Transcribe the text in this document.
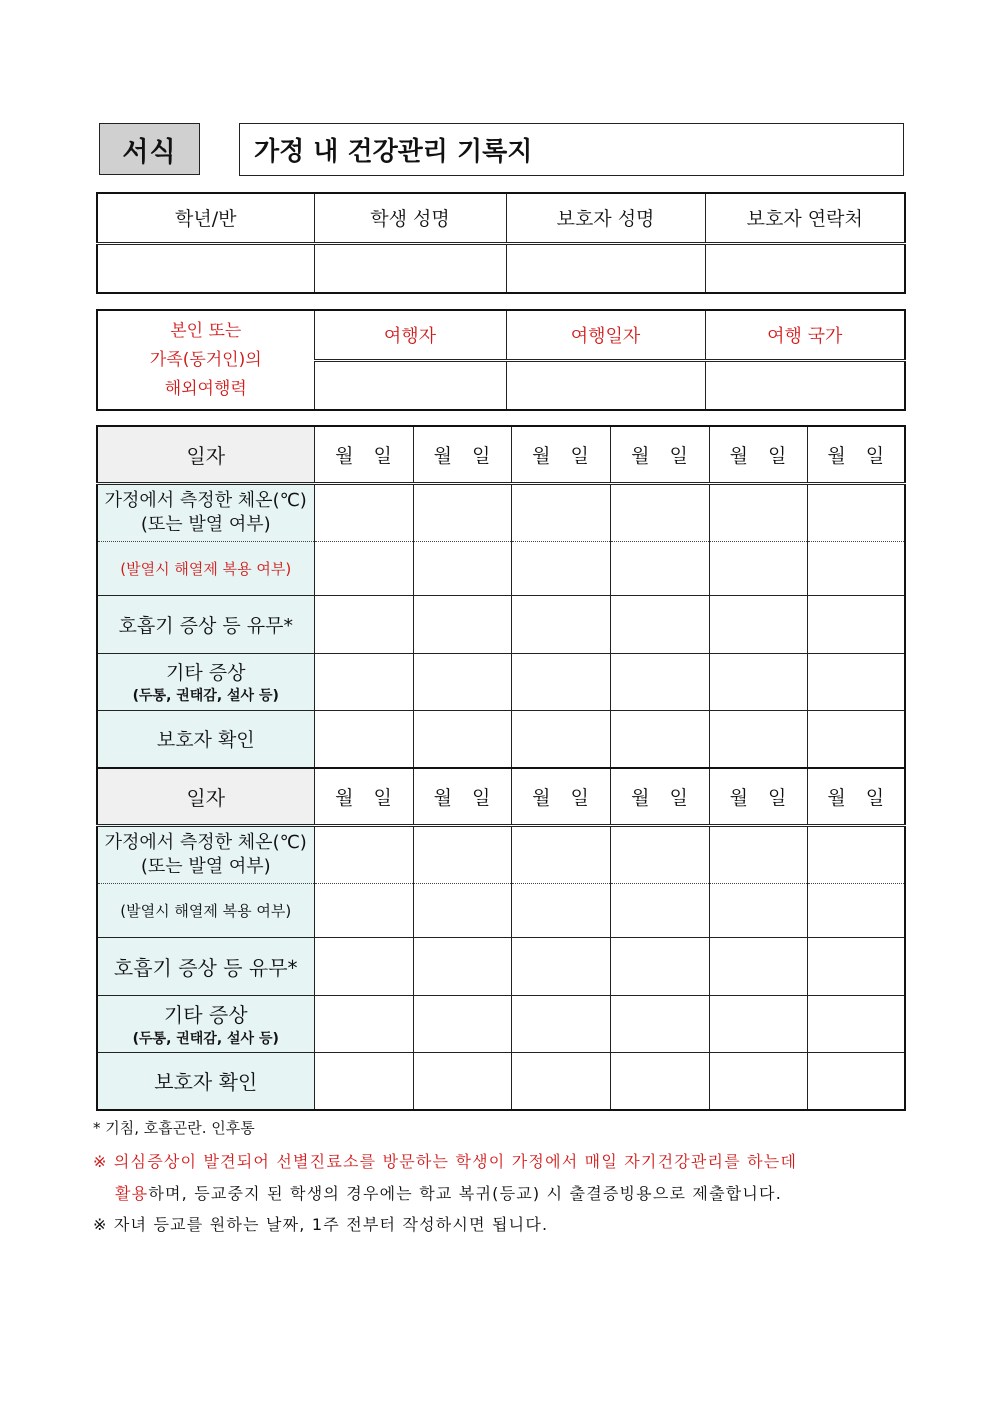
서식	가정 내 건강관리 기록지
학년/반	학생 성명	보호자 성명	보호자 연락처

본인 또는
가족(동거인)의
해외여행력	여행자	여행일자	여행 국가

일자	월 일	월 일	월 일	월 일	월 일	월 일

가정에서 측정한 체온(℃)
(또는 발열 여부)						

(발열시 해열제 복용 여부)						
호흡기 증상 등 유무*						

기타 증상
(두통, 권태감, 설사 등)						

보호자 확인						
일자	월 일	월 일	월 일	월 일	월 일	월 일

가정에서 측정한 체온(℃)
(또는 발열 여부)						

(발열시 해열제 복용 여부)						
호흡기 증상 등 유무*						

기타 증상
(두통, 권태감, 설사 등)						

보호자 확인						
* 기침, 호흡곤란. 인후통
※ 의심증상이 발견되어 선별진료소를 방문하는 학생이 가정에서 매일 자기건강관리를 하는데
활용하며, 등교중지 된 학생의 경우에는 학교 복귀(등교) 시 출결증빙용으로 제출합니다.
※ 자녀 등교를 원하는 날짜, 1주 전부터 작성하시면 됩니다.
